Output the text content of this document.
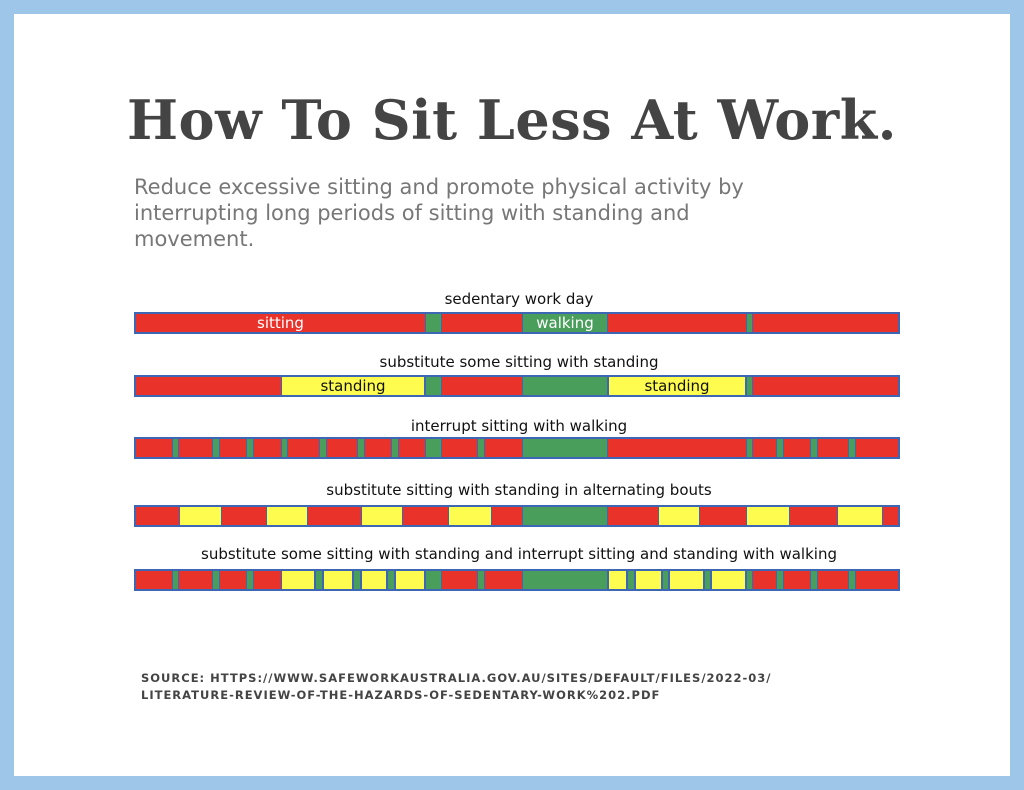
How To Sit Less At Work.

Reduce excessive sitting and promote physical activity by interrupting long periods of sitting with standing and movement.

sedentary work day
sitting	walking
substitute some sitting with standing
standing	standing
interrupt sitting with walking
substitute sitting with standing in alternating bouts
substitute some sitting with standing and interrupt sitting and standing with walking
SOURCE: HTTPS://WWW.SAFEWORKAUSTRALIA.GOV.AU/SITES/DEFAULT/FILES/2022-03/
LITERATURE-REVIEW-OF-THE-HAZARDS-OF-SEDENTARY-WORK%202.PDF
